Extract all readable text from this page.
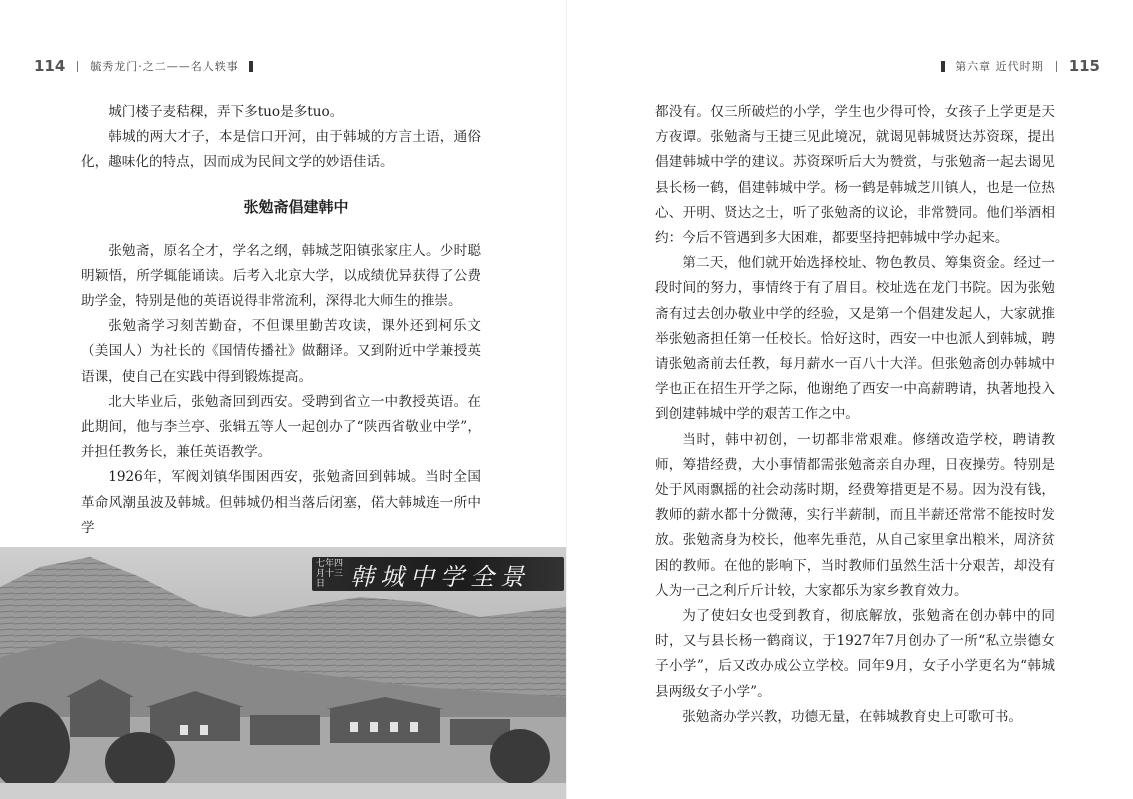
114 毓秀龙门·之二——名人轶事

城门楼子麦秸稞，弄下多tuo是多tuo。

韩城的两大才子，本是信口开河，由于韩城的方言土语，通俗化，趣味化的特点，因而成为民间文学的妙语佳话。

张勉斋倡建韩中

张勉斋，原名仝才，学名之纲，韩城芝阳镇张家庄人。少时聪明颖悟，所学辄能诵读。后考入北京大学，以成绩优异获得了公费助学金，特别是他的英语说得非常流利，深得北大师生的推崇。

张勉斋学习刻苦勤奋，不但课里勤苦攻读，课外还到柯乐文（美国人）为社长的《国情传播社》做翻译。又到附近中学兼授英语课，使自己在实践中得到锻炼提高。

北大毕业后，张勉斋回到西安。受聘到省立一中教授英语。在此期间，他与李兰亭、张辑五等人一起创办了“陕西省敬业中学”，并担任教务长，兼任英语教学。

1926年，军阀刘镇华围困西安，张勉斋回到韩城。当时全国革命风潮虽波及韩城。但韩城仍相当落后闭塞，偌大韩城连一所中学

七年四月十三日	景全学中城韩
第六章 近代时期 115

都没有。仅三所破烂的小学，学生也少得可怜，女孩子上学更是天方夜谭。张勉斋与王捷三见此境况，就谒见韩城贤达苏资琛，提出倡建韩城中学的建议。苏资琛听后大为赞赏，与张勉斋一起去谒见县长杨一鹤，倡建韩城中学。杨一鹤是韩城芝川镇人，也是一位热心、开明、贤达之士，听了张勉斋的议论，非常赞同。他们举酒相约：今后不管遇到多大困难，都要坚持把韩城中学办起来。

第二天，他们就开始选择校址、物色教员、筹集资金。经过一段时间的努力，事情终于有了眉目。校址选在龙门书院。因为张勉斋有过去创办敬业中学的经验，又是第一个倡建发起人，大家就推举张勉斋担任第一任校长。恰好这时，西安一中也派人到韩城，聘请张勉斋前去任教，每月薪水一百八十大洋。但张勉斋创办韩城中学也正在招生开学之际，他谢绝了西安一中高薪聘请，执著地投入到创建韩城中学的艰苦工作之中。

当时，韩中初创，一切都非常艰难。修缮改造学校，聘请教师，筹措经费，大小事情都需张勉斋亲自办理，日夜操劳。特别是处于风雨飘摇的社会动荡时期，经费筹措更是不易。因为没有钱，教师的薪水都十分微薄，实行半薪制，而且半薪还常常不能按时发放。张勉斋身为校长，他率先垂范，从自己家里拿出粮米，周济贫困的教师。在他的影响下，当时教师们虽然生活十分艰苦，却没有人为一己之利斤斤计较，大家都乐为家乡教育效力。

为了使妇女也受到教育，彻底解放，张勉斋在创办韩中的同时，又与县长杨一鹤商议，于1927年7月创办了一所“私立崇德女子小学”，后又改办成公立学校。同年9月，女子小学更名为“韩城县两级女子小学”。

张勉斋办学兴教，功德无量，在韩城教育史上可歌可书。
